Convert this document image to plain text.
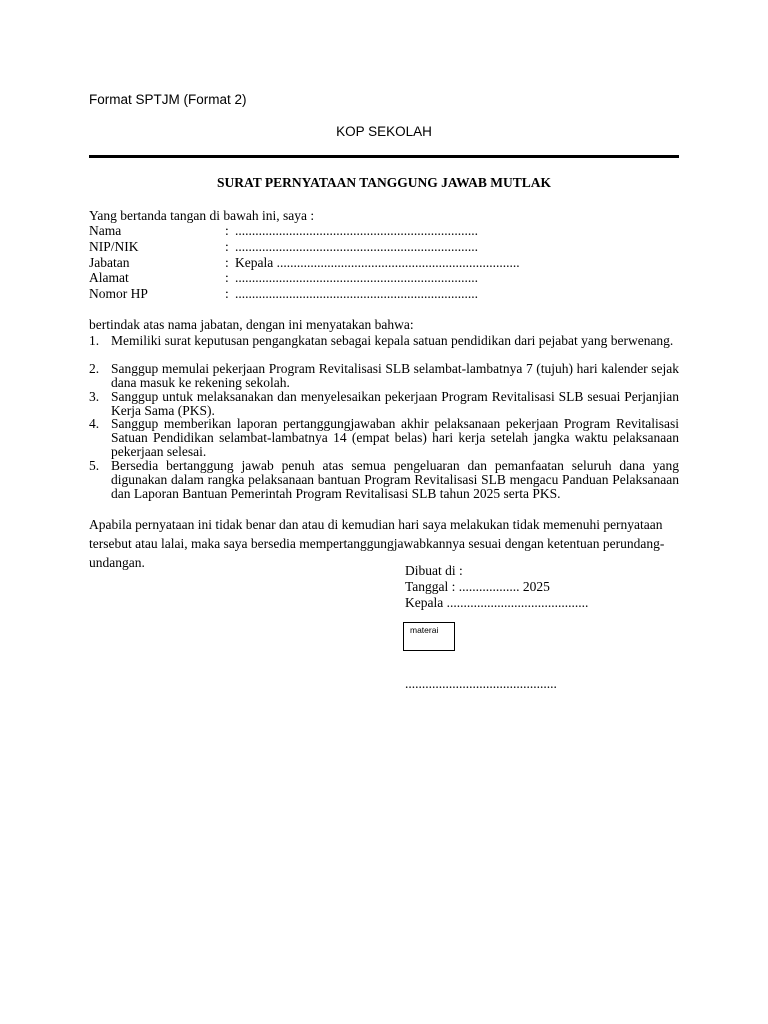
Format SPTJM (Format 2)
KOP SEKOLAH
SURAT PERNYATAAN TANGGUNG JAWAB MUTLAK
Yang bertanda tangan di bawah ini, saya :
Nama	: ........................................................................
NIP/NIK	: ........................................................................
Jabatan	: Kepala ........................................................................
Alamat	: ........................................................................
Nomor HP	: ........................................................................
bertindak atas nama jabatan, dengan ini menyatakan bahwa:
1. Memiliki surat keputusan pengangkatan sebagai kepala satuan pendidikan dari pejabat yang berwenang.
2. Sanggup memulai pekerjaan Program Revitalisasi SLB selambat-lambatnya 7 (tujuh) hari kalender sejak dana masuk ke rekening sekolah.
3. Sanggup untuk melaksanakan dan menyelesaikan pekerjaan Program Revitalisasi SLB sesuai Perjanjian Kerja Sama (PKS).
4. Sanggup memberikan laporan pertanggungjawaban akhir pelaksanaan pekerjaan Program Revitalisasi Satuan Pendidikan selambat-lambatnya 14 (empat belas) hari kerja setelah jangka waktu pelaksanaan pekerjaan selesai.
5. Bersedia bertanggung jawab penuh atas semua pengeluaran dan pemanfaatan seluruh dana yang digunakan dalam rangka pelaksanaan bantuan Program Revitalisasi SLB mengacu Panduan Pelaksanaan dan Laporan Bantuan Pemerintah Program Revitalisasi SLB tahun 2025 serta PKS.
Apabila pernyataan ini tidak benar dan atau di kemudian hari saya melakukan tidak memenuhi pernyataan tersebut atau lalai, maka saya bersedia mempertanggungjawabkannya sesuai dengan ketentuan perundang-undangan.
Dibuat di :
Tanggal : .................. 2025
Kepala ..........................................
materai
.............................................
